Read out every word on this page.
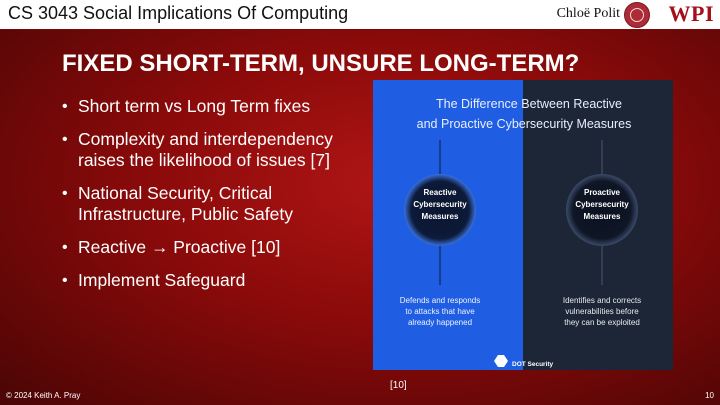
CS 3043 Social Implications Of Computing	Chloë Polit WPI
FIXED SHORT-TERM, UNSURE LONG-TERM?
• Short term vs Long Term fixes
• Complexity and interdependency raises the likelihood of issues [7]
• National Security, Critical Infrastructure, Public Safety
• Reactive → Proactive [10]
• Implement Safeguard
The Difference Between Reactive
and Proactive Cybersecurity Measures
Reactive
Cybersecurity
Measures
Proactive
Cybersecurity
Measures
Defends and responds
to attacks that have
already happened
Identifies and corrects
vulnerabilities before
they can be exploited
DOT Security
[10]
© 2024 Keith A. Pray	10
